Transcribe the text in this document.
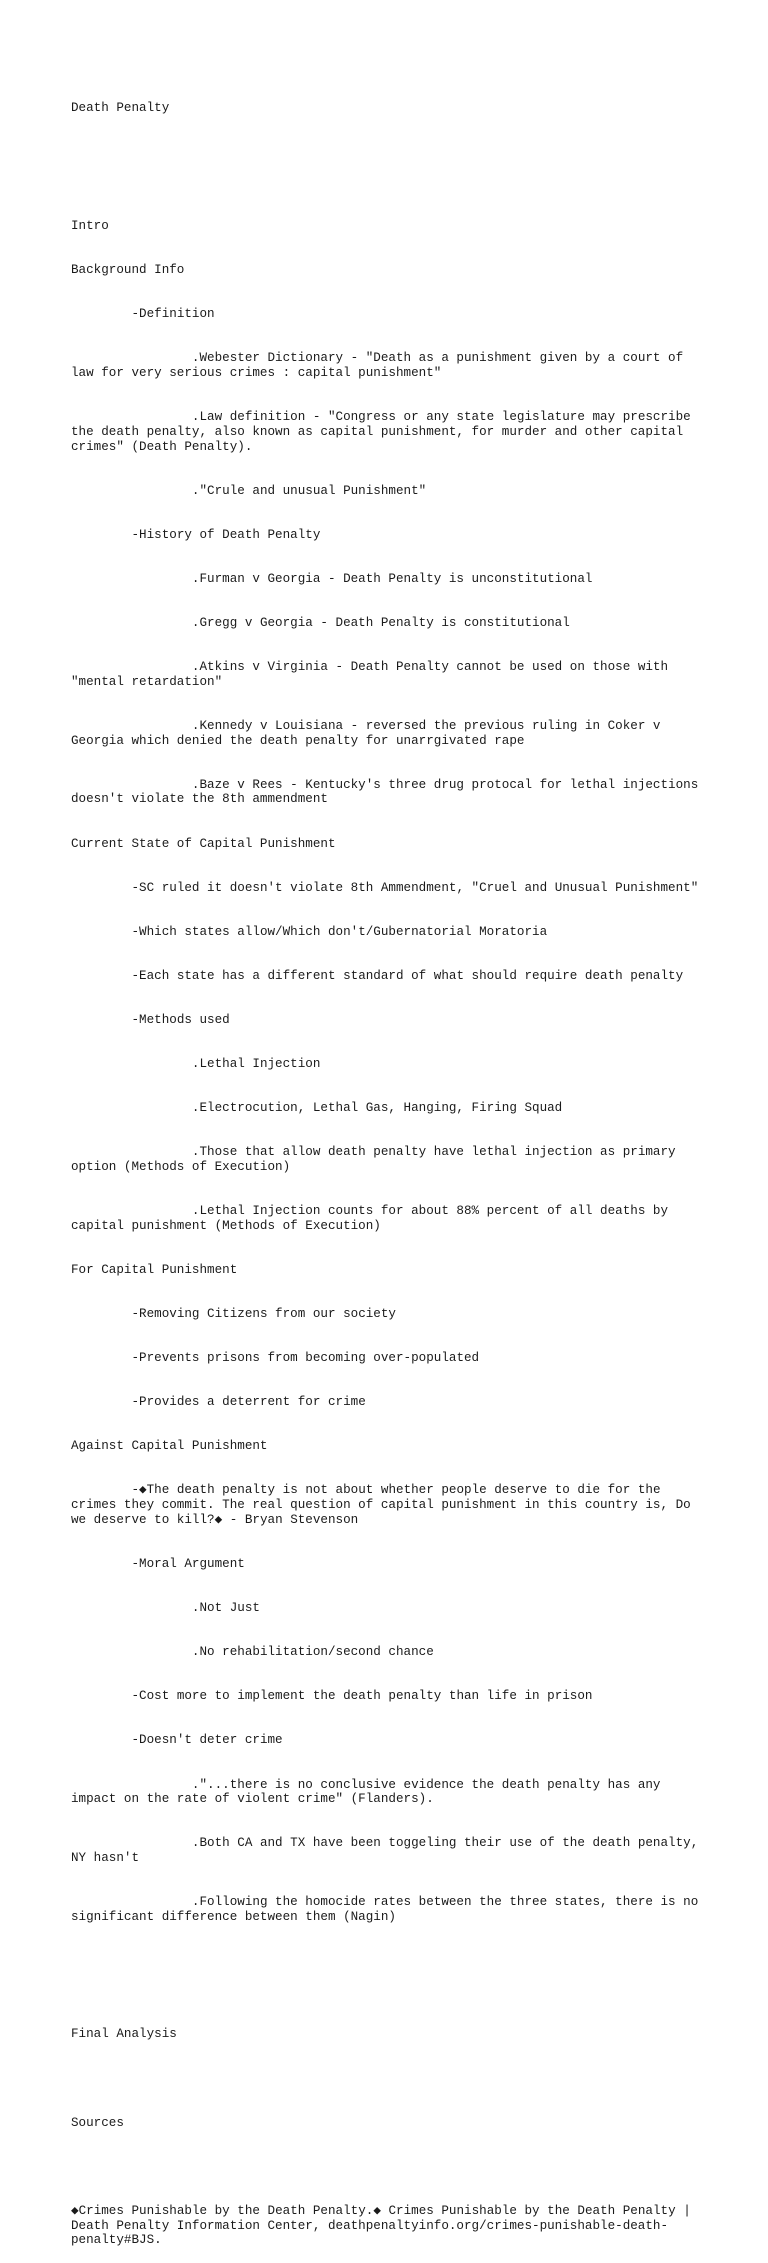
Death Penalty

Intro

Background Info

	-Definition

		.Webester Dictionary - "Death as a punishment given by a court of law for very serious crimes : capital punishment"

		.Law definition - "Congress or any state legislature may prescribe the death penalty, also known as capital punishment, for murder and other capital crimes" (Death Penalty).

		."Crule and unusual Punishment"

	-History of Death Penalty

		.Furman v Georgia - Death Penalty is unconstitutional

		.Gregg v Georgia - Death Penalty is constitutional

		.Atkins v Virginia - Death Penalty cannot be used on those with "mental retardation"

		.Kennedy v Louisiana - reversed the previous ruling in Coker v Georgia which denied the death penalty for unarrgivated rape

		.Baze v Rees - Kentucky's three drug protocal for lethal injections doesn't violate the 8th ammendment

Current State of Capital Punishment

	-SC ruled it doesn't violate 8th Ammendment, "Cruel and Unusual Punishment"

	-Which states allow/Which don't/Gubernatorial Moratoria

	-Each state has a different standard of what should require death penalty

	-Methods used

		.Lethal Injection

		.Electrocution, Lethal Gas, Hanging, Firing Squad

		.Those that allow death penalty have lethal injection as primary option (Methods of Execution)

		.Lethal Injection counts for about 88% percent of all deaths by capital punishment (Methods of Execution)

For Capital Punishment

	-Removing Citizens from our society

	-Prevents prisons from becoming over-populated

	-Provides a deterrent for crime

Against Capital Punishment

	-◆The death penalty is not about whether people deserve to die for the crimes they commit. The real question of capital punishment in this country is, Do we deserve to kill?◆ - Bryan Stevenson

	-Moral Argument

		.Not Just

		.No rehabilitation/second chance

	-Cost more to implement the death penalty than life in prison

	-Doesn't deter crime

		."...there is no conclusive evidence the death penalty has any impact on the rate of violent crime" (Flanders).

		.Both CA and TX have been toggeling their use of the death penalty, NY hasn't

		.Following the homocide rates between the three states, there is no significant difference between them (Nagin)

Final Analysis

Sources

◆Crimes Punishable by the Death Penalty.◆ Crimes Punishable by the Death Penalty | Death Penalty Information Center, deathpenaltyinfo.org/crimes-punishable-death-penalty#BJS.
